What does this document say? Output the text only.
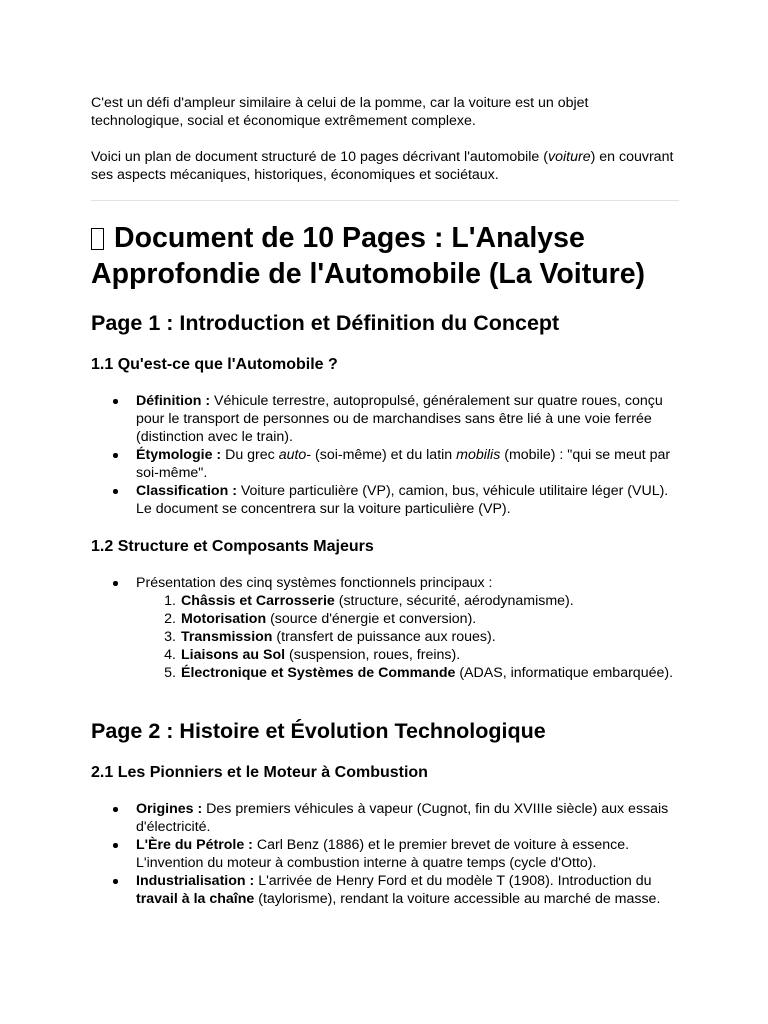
C'est un défi d'ampleur similaire à celui de la pomme, car la voiture est un objet technologique, social et économique extrêmement complexe.

Voici un plan de document structuré de 10 pages décrivant l'automobile (voiture) en couvrant ses aspects mécaniques, historiques, économiques et sociétaux.

Document de 10 Pages : L'Analyse Approfondie de l'Automobile (La Voiture)
Page 1 : Introduction et Définition du Concept
1.1 Qu'est-ce que l'Automobile ?
Définition : Véhicule terrestre, autopropulsé, généralement sur quatre roues, conçu pour le transport de personnes ou de marchandises sans être lié à une voie ferrée (distinction avec le train).
Étymologie : Du grec auto- (soi-même) et du latin mobilis (mobile) : "qui se meut par soi-même".
Classification : Voiture particulière (VP), camion, bus, véhicule utilitaire léger (VUL). Le document se concentrera sur la voiture particulière (VP).
1.2 Structure et Composants Majeurs
Présentation des cinq systèmes fonctionnels principaux :
1. Châssis et Carrosserie (structure, sécurité, aérodynamisme).
2. Motorisation (source d'énergie et conversion).
3. Transmission (transfert de puissance aux roues).
4. Liaisons au Sol (suspension, roues, freins).
5. Électronique et Systèmes de Commande (ADAS, informatique embarquée).
Page 2 : Histoire et Évolution Technologique
2.1 Les Pionniers et le Moteur à Combustion
Origines : Des premiers véhicules à vapeur (Cugnot, fin du XVIIIe siècle) aux essais d'électricité.
L'Ère du Pétrole : Carl Benz (1886) et le premier brevet de voiture à essence. L'invention du moteur à combustion interne à quatre temps (cycle d'Otto).
Industrialisation : L'arrivée de Henry Ford et du modèle T (1908). Introduction du travail à la chaîne (taylorisme), rendant la voiture accessible au marché de masse.
